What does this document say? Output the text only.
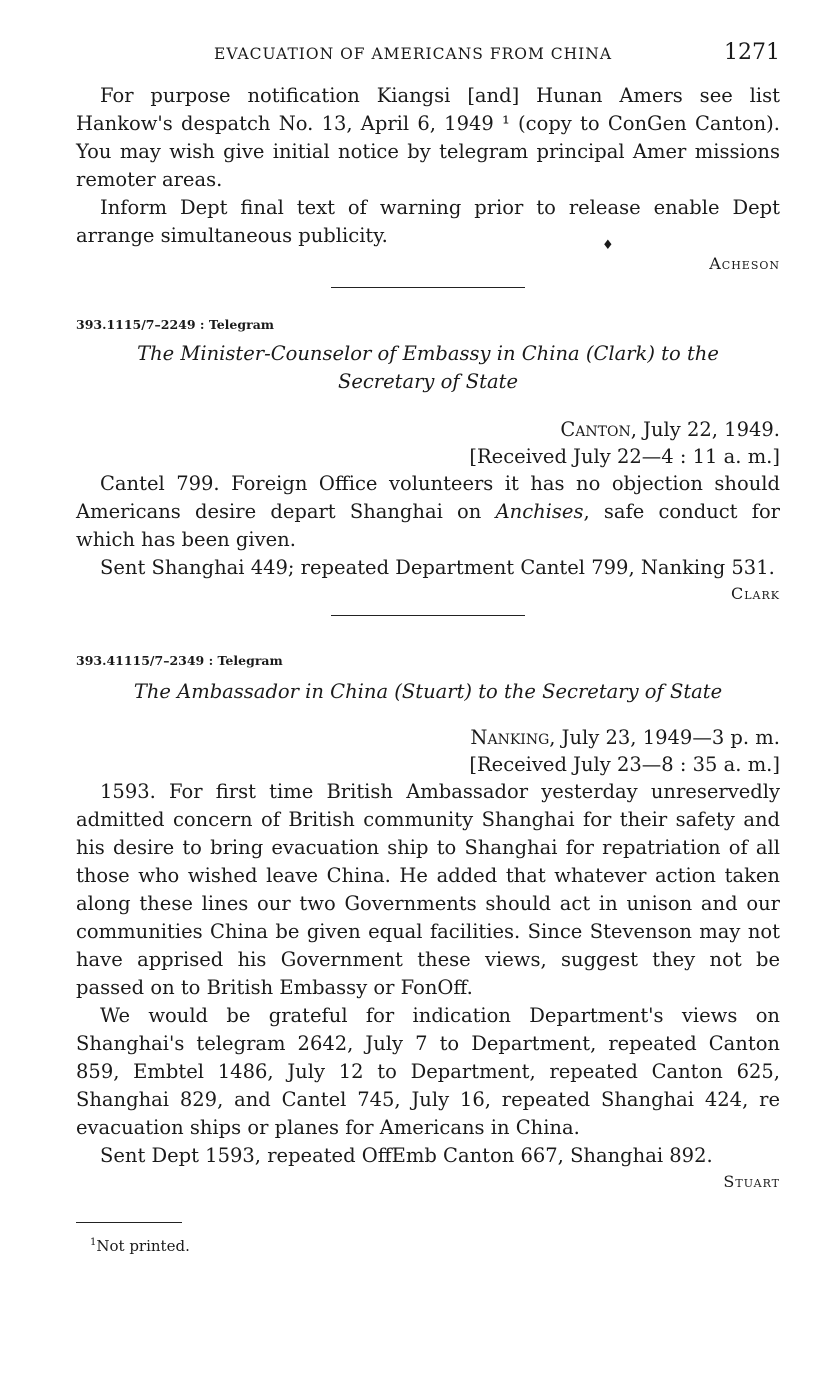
EVACUATION OF AMERICANS FROM CHINA	1271

For purpose notification Kiangsi [and] Hunan Amers see list Hankow's despatch No. 13, April 6, 1949 ¹ (copy to ConGen Canton). You may wish give initial notice by telegram principal Amer missions remoter areas.

Inform Dept final text of warning prior to release enable Dept arrange simultaneous publicity.

Acheson

393.1115/7–2249 : Telegram

The Minister-Counselor of Embassy in China (Clark) to the Secretary of State

Canton, July 22, 1949.

[Received July 22—4 : 11 a. m.]

Cantel 799. Foreign Office volunteers it has no objection should Americans desire depart Shanghai on Anchises, safe conduct for which has been given.

Sent Shanghai 449; repeated Department Cantel 799, Nanking 531.

Clark

393.41115/7–2349 : Telegram

The Ambassador in China (Stuart) to the Secretary of State

Nanking, July 23, 1949—3 p. m.

[Received July 23—8 : 35 a. m.]

1593. For first time British Ambassador yesterday unreservedly admitted concern of British community Shanghai for their safety and his desire to bring evacuation ship to Shanghai for repatriation of all those who wished leave China. He added that whatever action taken along these lines our two Governments should act in unison and our communities China be given equal facilities. Since Stevenson may not have apprised his Government these views, suggest they not be passed on to British Embassy or FonOff.

We would be grateful for indication Department's views on Shanghai's telegram 2642, July 7 to Department, repeated Canton 859, Embtel 1486, July 12 to Department, repeated Canton 625, Shanghai 829, and Cantel 745, July 16, repeated Shanghai 424, re evacuation ships or planes for Americans in China.

Sent Dept 1593, repeated OffEmb Canton 667, Shanghai 892.

Stuart

$^1$Not printed.
♦
